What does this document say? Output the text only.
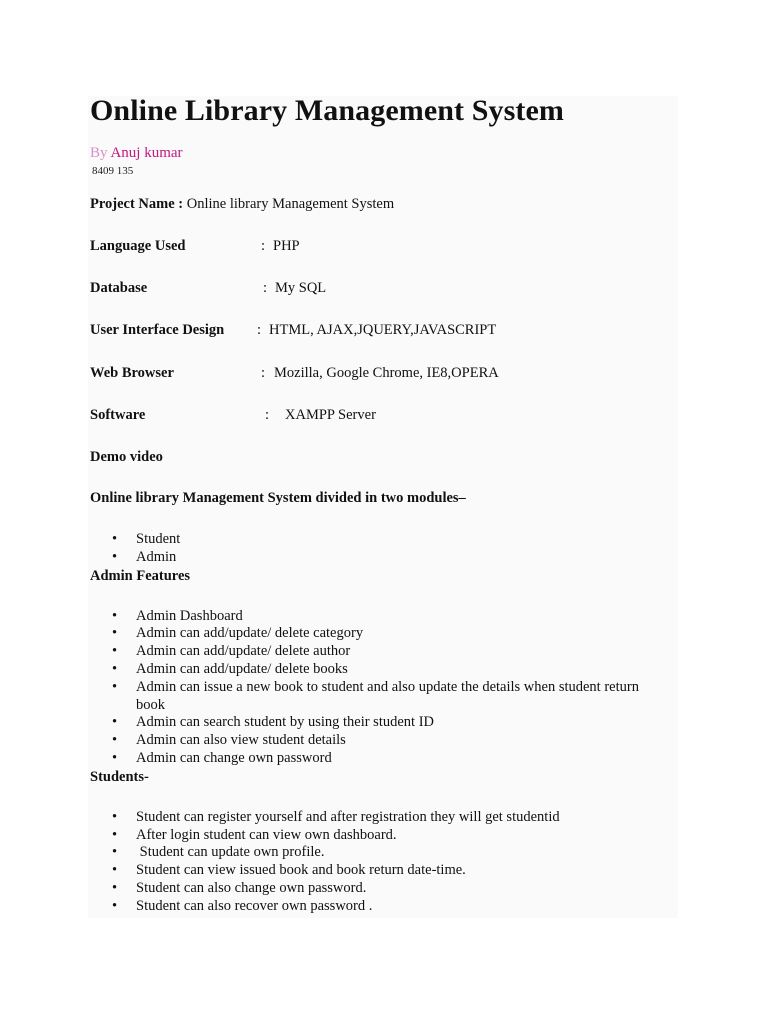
Online Library Management System
By Anuj kumar
8409 135
Project Name : Online library Management System
Language Used	: PHP
Database	: My SQL
User Interface Design : HTML, AJAX,JQUERY,JAVASCRIPT
Web Browser	: Mozilla, Google Chrome, IE8,OPERA
Software	: XAMPP Server
Demo video
Online library Management System divided in two modules–
• Student
• Admin
Admin Features
• Admin Dashboard
• Admin can add/update/ delete category
• Admin can add/update/ delete author
• Admin can add/update/ delete books
• Admin can issue a new book to student and also update the details when student return book
• Admin can search student by using their student ID
• Admin can also view student details
• Admin can change own password
Students-
• Student can register yourself and after registration they will get studentid
• After login student can view own dashboard.
• Student can update own profile.
• Student can view issued book and book return date-time.
• Student can also change own password.
• Student can also recover own password .
